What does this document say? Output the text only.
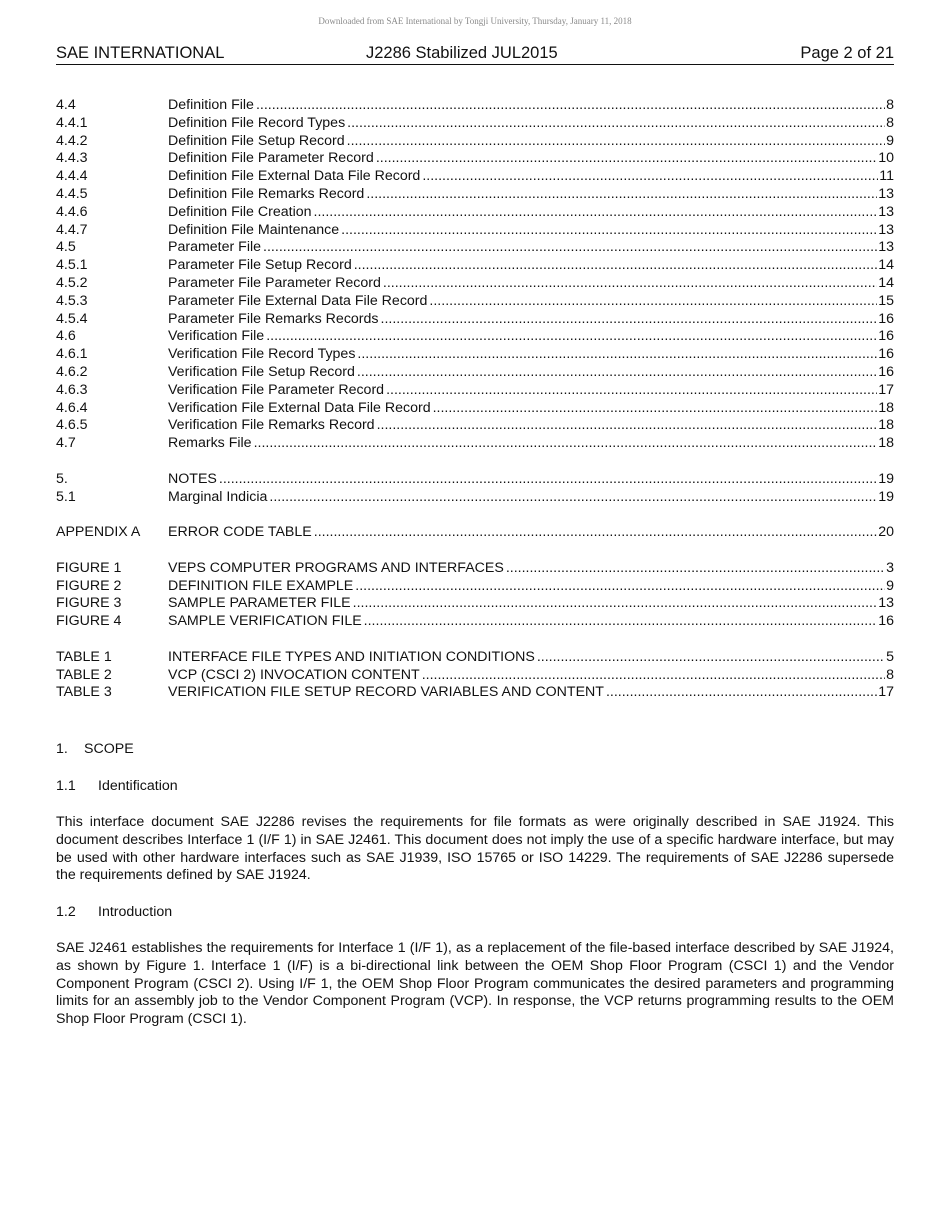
Downloaded from SAE International by Tongji University, Thursday, January 11, 2018
SAE INTERNATIONAL	J2286 Stabilized JUL2015	Page 2 of 21
4.4	Definition File .....	8
4.4.1	Definition File Record Types .....	8
4.4.2	Definition File Setup Record .....	9
4.4.3	Definition File Parameter Record .....	10
4.4.4	Definition File External Data File Record .....	11
4.4.5	Definition File Remarks Record .....	13
4.4.6	Definition File Creation .....	13
4.4.7	Definition File Maintenance .....	13
4.5	Parameter File .....	13
4.5.1	Parameter File Setup Record .....	14
4.5.2	Parameter File Parameter Record .....	14
4.5.3	Parameter File External Data File Record .....	15
4.5.4	Parameter File Remarks Records .....	16
4.6	Verification File .....	16
4.6.1	Verification File Record Types .....	16
4.6.2	Verification File Setup Record .....	16
4.6.3	Verification File Parameter Record .....	17
4.6.4	Verification File External Data File Record .....	18
4.6.5	Verification File Remarks Record .....	18
4.7	Remarks File .....	18
5.	NOTES .....	19
5.1	Marginal Indicia .....	19
APPENDIX A	ERROR CODE TABLE .....	20
FIGURE 1	VEPS COMPUTER PROGRAMS AND INTERFACES .....	3
FIGURE 2	DEFINITION FILE EXAMPLE .....	9
FIGURE 3	SAMPLE PARAMETER FILE .....	13
FIGURE 4	SAMPLE VERIFICATION FILE .....	16
TABLE 1	INTERFACE FILE TYPES AND INITIATION CONDITIONS .....	5
TABLE 2	VCP (CSCI 2) INVOCATION CONTENT .....	8
TABLE 3	VERIFICATION FILE SETUP RECORD VARIABLES AND CONTENT .....	17
1. SCOPE
1.1 Identification

This interface document SAE J2286 revises the requirements for file formats as were originally described in SAE J1924. This document describes Interface 1 (I/F 1) in SAE J2461. This document does not imply the use of a specific hardware interface, but may be used with other hardware interfaces such as SAE J1939, ISO 15765 or ISO 14229. The requirements of SAE J2286 supersede the requirements defined by SAE J1924.

1.2 Introduction

SAE J2461 establishes the requirements for Interface 1 (I/F 1), as a replacement of the file-based interface described by SAE J1924, as shown by Figure 1. Interface 1 (I/F) is a bi-directional link between the OEM Shop Floor Program (CSCI 1) and the Vendor Component Program (CSCI 2). Using I/F 1, the OEM Shop Floor Program communicates the desired parameters and programming limits for an assembly job to the Vendor Component Program (VCP). In response, the VCP returns programming results to the OEM Shop Floor Program (CSCI 1).
